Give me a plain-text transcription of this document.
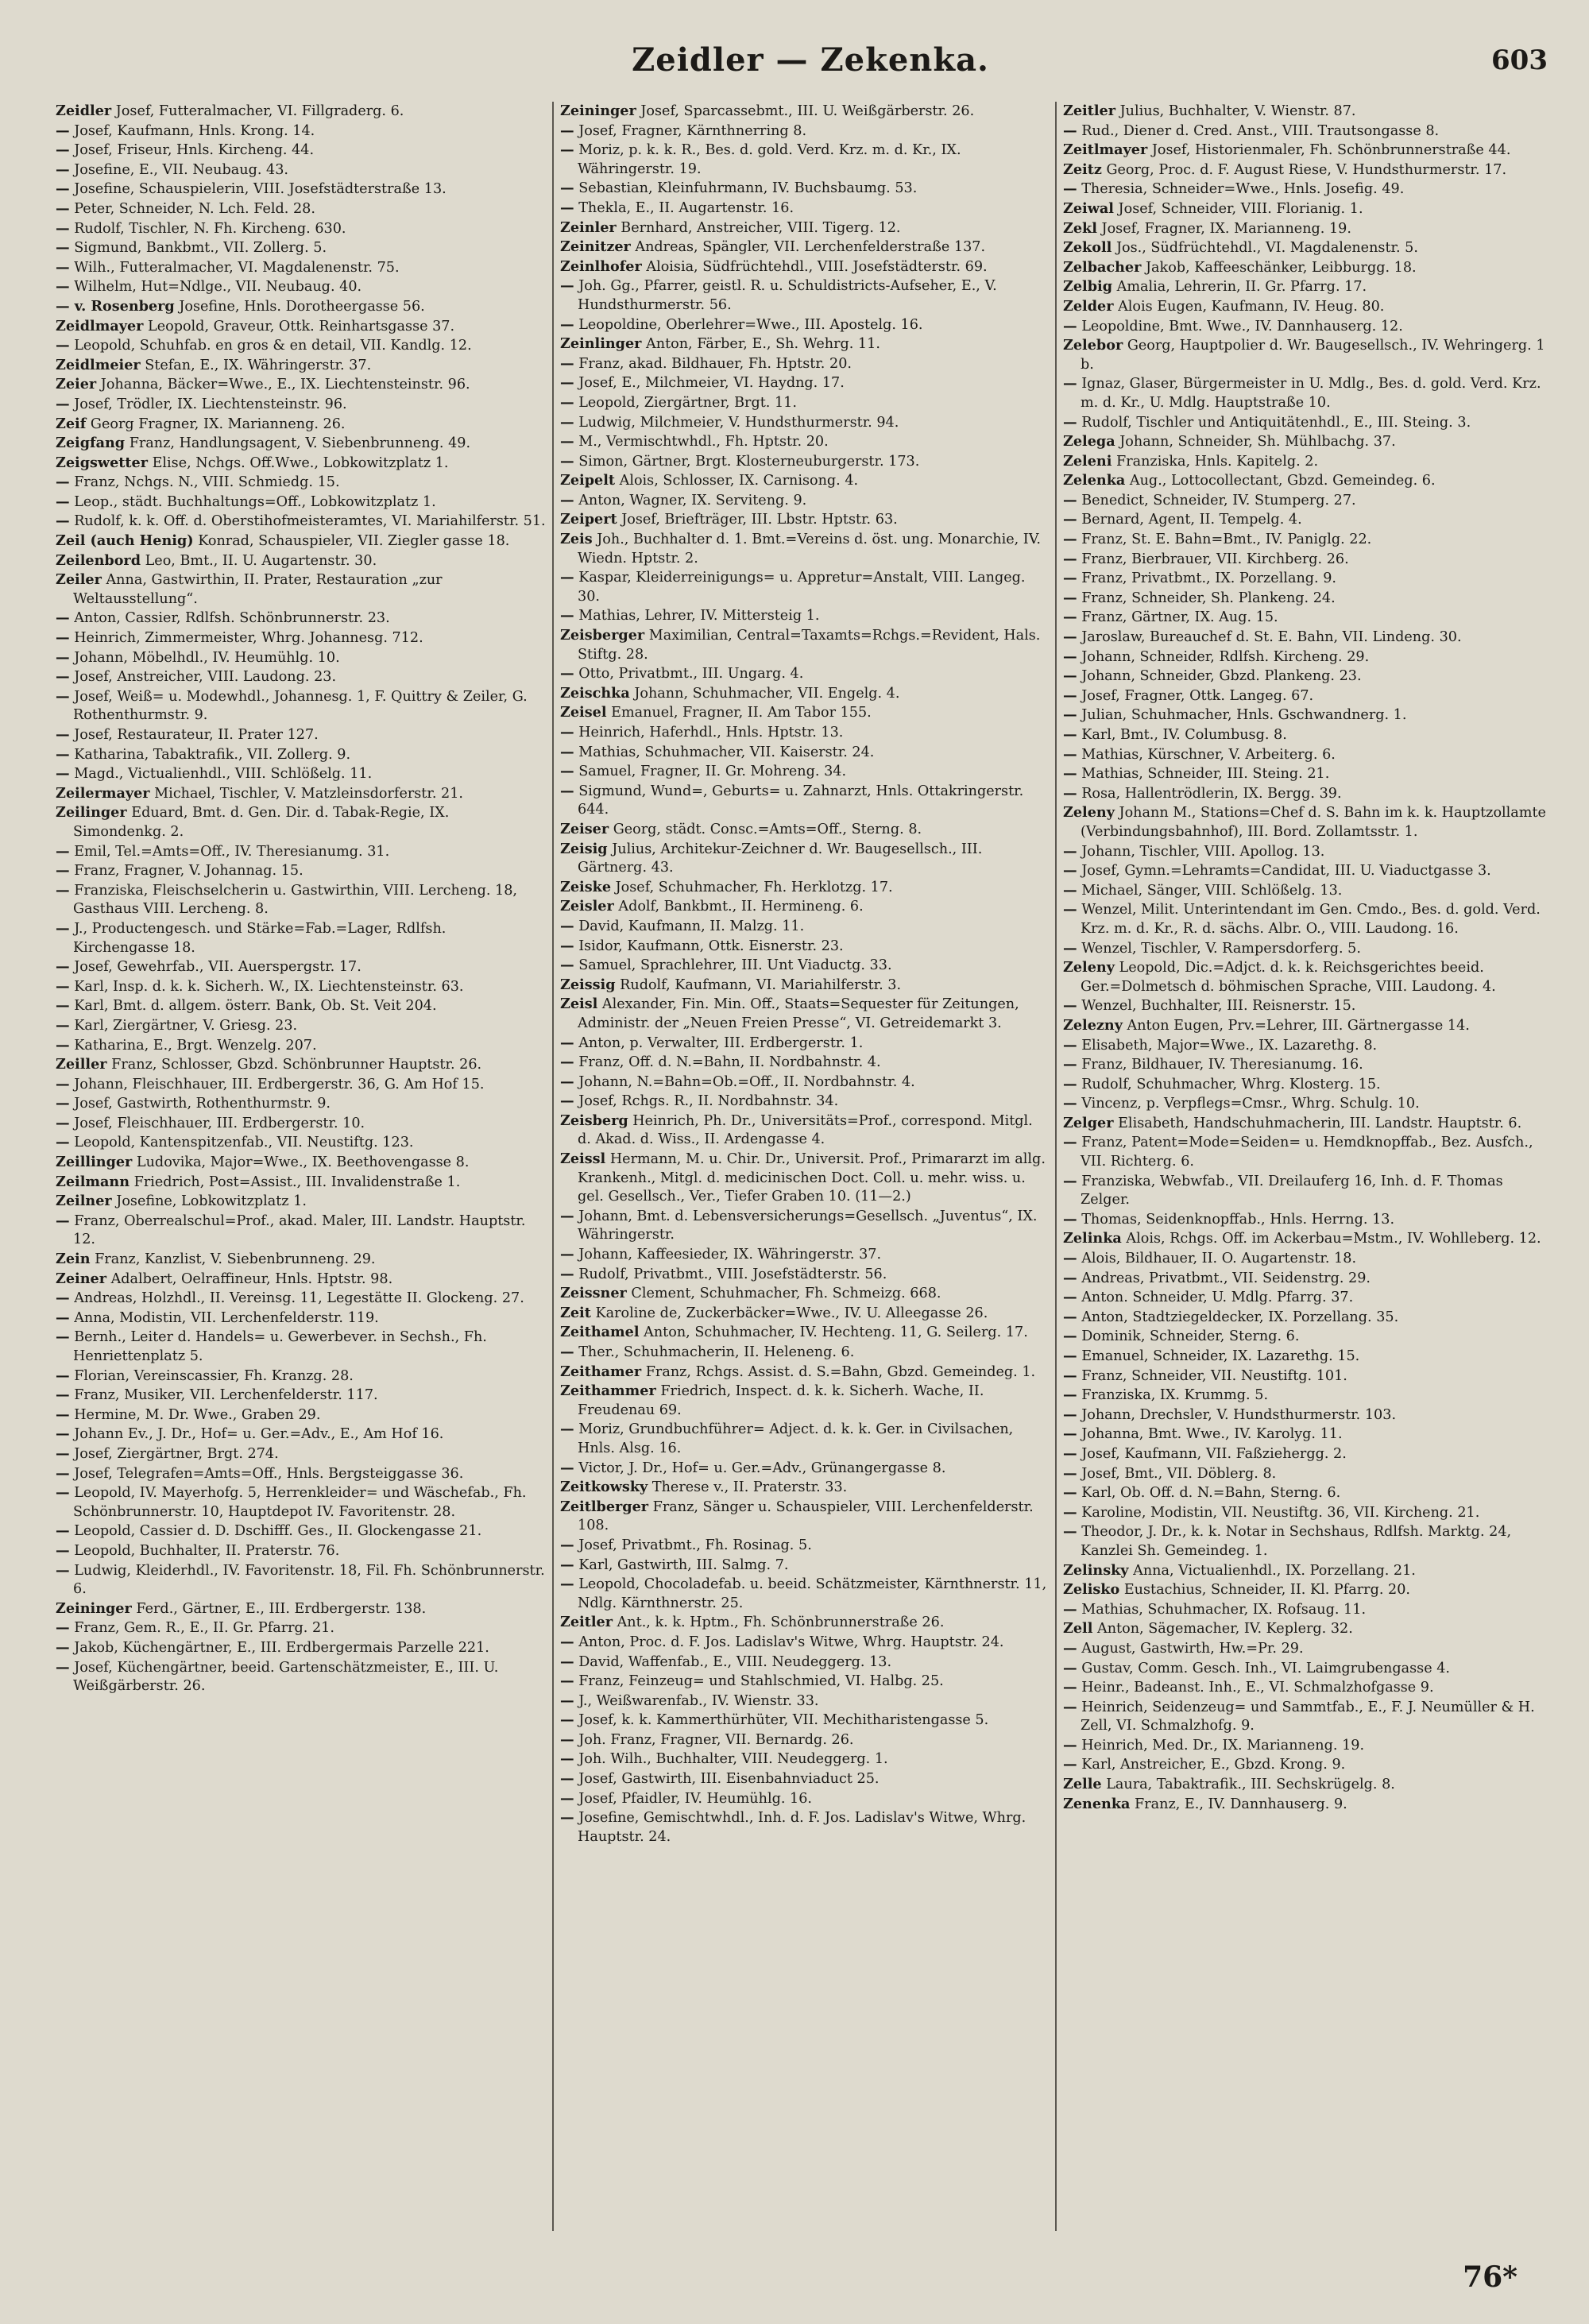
Zeidler — Zekenka.	603

Zeidler Josef, Futteralmacher, VI. Fillgraderg. 6.

— Josef, Kaufmann, Hnls. Krong. 14.

— Josef, Friseur, Hnls. Kircheng. 44.

— Josefine, E., VII. Neubaug. 43.

— Josefine, Schauspielerin, VIII. Josefstädterstraße 13.

— Peter, Schneider, N. Lch. Feld. 28.

— Rudolf, Tischler, N. Fh. Kircheng. 630.

— Sigmund, Bankbmt., VII. Zollerg. 5.

— Wilh., Futteralmacher, VI. Magdalenenstr. 75.

— Wilhelm, Hut=Ndlge., VII. Neubaug. 40.

— v. Rosenberg Josefine, Hnls. Dorotheergasse 56.

Zeidlmayer Leopold, Graveur, Ottk. Reinhartsgasse 37.

— Leopold, Schuhfab. en gros & en detail, VII. Kandlg. 12.

Zeidlmeier Stefan, E., IX. Währingerstr. 37.

Zeier Johanna, Bäcker=Wwe., E., IX. Liechtensteinstr. 96.

— Josef, Trödler, IX. Liechtensteinstr. 96.

Zeif Georg Fragner, IX. Marianneng. 26.

Zeigfang Franz, Handlungsagent, V. Siebenbrunneng. 49.

Zeigswetter Elise, Nchgs. Off.Wwe., Lobkowitzplatz 1.

— Franz, Nchgs. N., VIII. Schmiedg. 15.

— Leop., städt. Buchhaltungs=Off., Lobkowitzplatz 1.

— Rudolf, k. k. Off. d. Oberstihofmeisteramtes, VI. Mariahilferstr. 51.

Zeil (auch Henig) Konrad, Schauspieler, VII. Ziegler gasse 18.

Zeilenbord Leo, Bmt., II. U. Augartenstr. 30.

Zeiler Anna, Gastwirthin, II. Prater, Restauration „zur Weltausstellung“.

— Anton, Cassier, Rdlfsh. Schönbrunnerstr. 23.

— Heinrich, Zimmermeister, Whrg. Johannesg. 712.

— Johann, Möbelhdl., IV. Heumühlg. 10.

— Josef, Anstreicher, VIII. Laudong. 23.

— Josef, Weiß= u. Modewhdl., Johannesg. 1, F. Quittry & Zeiler, G. Rothenthurmstr. 9.

— Josef, Restaurateur, II. Prater 127.

— Katharina, Tabaktrafik., VII. Zollerg. 9.

— Magd., Victualienhdl., VIII. Schlößelg. 11.

Zeilermayer Michael, Tischler, V. Matzleinsdorferstr. 21.

Zeilinger Eduard, Bmt. d. Gen. Dir. d. Tabak-Regie, IX. Simondenkg. 2.

— Emil, Tel.=Amts=Off., IV. Theresianumg. 31.

— Franz, Fragner, V. Johannag. 15.

— Franziska, Fleischselcherin u. Gastwirthin, VIII. Lercheng. 18, Gasthaus VIII. Lercheng. 8.

— J., Productengesch. und Stärke=Fab.=Lager, Rdlfsh. Kirchengasse 18.

— Josef, Gewehrfab., VII. Auerspergstr. 17.

— Karl, Insp. d. k. k. Sicherh. W., IX. Liechtensteinstr. 63.

— Karl, Bmt. d. allgem. österr. Bank, Ob. St. Veit 204.

— Karl, Ziergärtner, V. Griesg. 23.

— Katharina, E., Brgt. Wenzelg. 207.

Zeiller Franz, Schlosser, Gbzd. Schönbrunner Hauptstr. 26.

— Johann, Fleischhauer, III. Erdbergerstr. 36, G. Am Hof 15.

— Josef, Gastwirth, Rothenthurmstr. 9.

— Josef, Fleischhauer, III. Erdbergerstr. 10.

— Leopold, Kantenspitzenfab., VII. Neustiftg. 123.

Zeillinger Ludovika, Major=Wwe., IX. Beethovengasse 8.

Zeilmann Friedrich, Post=Assist., III. Invalidenstraße 1.

Zeilner Josefine, Lobkowitzplatz 1.

— Franz, Oberrealschul=Prof., akad. Maler, III. Landstr. Hauptstr. 12.

Zein Franz, Kanzlist, V. Siebenbrunneng. 29.

Zeiner Adalbert, Oelraffineur, Hnls. Hptstr. 98.

— Andreas, Holzhdl., II. Vereinsg. 11, Legestätte II. Glockeng. 27.

— Anna, Modistin, VII. Lerchenfelderstr. 119.

— Bernh., Leiter d. Handels= u. Gewerbever. in Sechsh., Fh. Henriettenplatz 5.

— Florian, Vereinscassier, Fh. Kranzg. 28.

— Franz, Musiker, VII. Lerchenfelderstr. 117.

— Hermine, M. Dr. Wwe., Graben 29.

— Johann Ev., J. Dr., Hof= u. Ger.=Adv., E., Am Hof 16.

— Josef, Ziergärtner, Brgt. 274.

— Josef, Telegrafen=Amts=Off., Hnls. Bergsteiggasse 36.

— Leopold, IV. Mayerhofg. 5, Herrenkleider= und Wäschefab., Fh. Schönbrunnerstr. 10, Hauptdepot IV. Favoritenstr. 28.

— Leopold, Cassier d. D. Dschifff. Ges., II. Glockengasse 21.

— Leopold, Buchhalter, II. Praterstr. 76.

— Ludwig, Kleiderhdl., IV. Favoritenstr. 18, Fil. Fh. Schönbrunnerstr. 6.

Zeininger Ferd., Gärtner, E., III. Erdbergerstr. 138.

— Franz, Gem. R., E., II. Gr. Pfarrg. 21.

— Jakob, Küchengärtner, E., III. Erdbergermais Parzelle 221.

— Josef, Küchengärtner, beeid. Gartenschätzmeister, E., III. U. Weißgärberstr. 26.

Zeininger Josef, Sparcassebmt., III. U. Weißgärberstr. 26.

— Josef, Fragner, Kärnthnerring 8.

— Moriz, p. k. k. R., Bes. d. gold. Verd. Krz. m. d. Kr., IX. Währingerstr. 19.

— Sebastian, Kleinfuhrmann, IV. Buchsbaumg. 53.

— Thekla, E., II. Augartenstr. 16.

Zeinler Bernhard, Anstreicher, VIII. Tigerg. 12.

Zeinitzer Andreas, Spängler, VII. Lerchenfelderstraße 137.

Zeinlhofer Aloisia, Südfrüchtehdl., VIII. Josefstädterstr. 69.

— Joh. Gg., Pfarrer, geistl. R. u. Schuldistricts-Aufseher, E., V. Hundsthurmerstr. 56.

— Leopoldine, Oberlehrer=Wwe., III. Apostelg. 16.

Zeinlinger Anton, Färber, E., Sh. Wehrg. 11.

— Franz, akad. Bildhauer, Fh. Hptstr. 20.

— Josef, E., Milchmeier, VI. Haydng. 17.

— Leopold, Ziergärtner, Brgt. 11.

— Ludwig, Milchmeier, V. Hundsthurmerstr. 94.

— M., Vermischtwhdl., Fh. Hptstr. 20.

— Simon, Gärtner, Brgt. Klosterneuburgerstr. 173.

Zeipelt Alois, Schlosser, IX. Carnisong. 4.

— Anton, Wagner, IX. Serviteng. 9.

Zeipert Josef, Briefträger, III. Lbstr. Hptstr. 63.

Zeis Joh., Buchhalter d. 1. Bmt.=Vereins d. öst. ung. Monarchie, IV. Wiedn. Hptstr. 2.

— Kaspar, Kleiderreinigungs= u. Appretur=Anstalt, VIII. Langeg. 30.

— Mathias, Lehrer, IV. Mittersteig 1.

Zeisberger Maximilian, Central=Taxamts=Rchgs.=Revident, Hals. Stiftg. 28.

— Otto, Privatbmt., III. Ungarg. 4.

Zeischka Johann, Schuhmacher, VII. Engelg. 4.

Zeisel Emanuel, Fragner, II. Am Tabor 155.

— Heinrich, Haferhdl., Hnls. Hptstr. 13.

— Mathias, Schuhmacher, VII. Kaiserstr. 24.

— Samuel, Fragner, II. Gr. Mohreng. 34.

— Sigmund, Wund=, Geburts= u. Zahnarzt, Hnls. Ottakringerstr. 644.

Zeiser Georg, städt. Consc.=Amts=Off., Sterng. 8.

Zeisig Julius, Architekur-Zeichner d. Wr. Baugesellsch., III. Gärtnerg. 43.

Zeiske Josef, Schuhmacher, Fh. Herklotzg. 17.

Zeisler Adolf, Bankbmt., II. Hermineng. 6.

— David, Kaufmann, II. Malzg. 11.

— Isidor, Kaufmann, Ottk. Eisnerstr. 23.

— Samuel, Sprachlehrer, III. Unt Viaductg. 33.

Zeissig Rudolf, Kaufmann, VI. Mariahilferstr. 3.

Zeisl Alexander, Fin. Min. Off., Staats=Sequester für Zeitungen, Administr. der „Neuen Freien Presse“, VI. Getreidemarkt 3.

— Anton, p. Verwalter, III. Erdbergerstr. 1.

— Franz, Off. d. N.=Bahn, II. Nordbahnstr. 4.

— Johann, N.=Bahn=Ob.=Off., II. Nordbahnstr. 4.

— Josef, Rchgs. R., II. Nordbahnstr. 34.

Zeisberg Heinrich, Ph. Dr., Universitäts=Prof., correspond. Mitgl. d. Akad. d. Wiss., II. Ardengasse 4.

Zeissl Hermann, M. u. Chir. Dr., Universit. Prof., Primararzt im allg. Krankenh., Mitgl. d. medicinischen Doct. Coll. u. mehr. wiss. u. gel. Gesellsch., Ver., Tiefer Graben 10. (11—2.)

— Johann, Bmt. d. Lebensversicherungs=Gesellsch. „Juventus“, IX. Währingerstr.

— Johann, Kaffeesieder, IX. Währingerstr. 37.

— Rudolf, Privatbmt., VIII. Josefstädterstr. 56.

Zeissner Clement, Schuhmacher, Fh. Schmeizg. 668.

Zeit Karoline de, Zuckerbäcker=Wwe., IV. U. Alleegasse 26.

Zeithamel Anton, Schuhmacher, IV. Hechteng. 11, G. Seilerg. 17.

— Ther., Schuhmacherin, II. Heleneng. 6.

Zeithamer Franz, Rchgs. Assist. d. S.=Bahn, Gbzd. Gemeindeg. 1.

Zeithammer Friedrich, Inspect. d. k. k. Sicherh. Wache, II. Freudenau 69.

— Moriz, Grundbuchführer= Adject. d. k. k. Ger. in Civilsachen, Hnls. Alsg. 16.

— Victor, J. Dr., Hof= u. Ger.=Adv., Grünangergasse 8.

Zeitkowsky Therese v., II. Praterstr. 33.

Zeitlberger Franz, Sänger u. Schauspieler, VIII. Lerchenfelderstr. 108.

— Josef, Privatbmt., Fh. Rosinag. 5.

— Karl, Gastwirth, III. Salmg. 7.

— Leopold, Chocoladefab. u. beeid. Schätzmeister, Kärnthnerstr. 11, Ndlg. Kärnthnerstr. 25.

Zeitler Ant., k. k. Hptm., Fh. Schönbrunnerstraße 26.

— Anton, Proc. d. F. Jos. Ladislav's Witwe, Whrg. Hauptstr. 24.

— David, Waffenfab., E., VIII. Neudeggerg. 13.

— Franz, Feinzeug= und Stahlschmied, VI. Halbg. 25.

— J., Weißwarenfab., IV. Wienstr. 33.

— Josef, k. k. Kammerthürhüter, VII. Mechitharistengasse 5.

— Joh. Franz, Fragner, VII. Bernardg. 26.

— Joh. Wilh., Buchhalter, VIII. Neudeggerg. 1.

— Josef, Gastwirth, III. Eisenbahnviaduct 25.

— Josef, Pfaidler, IV. Heumühlg. 16.

— Josefine, Gemischtwhdl., Inh. d. F. Jos. Ladislav's Witwe, Whrg. Hauptstr. 24.

Zeitler Julius, Buchhalter, V. Wienstr. 87.

— Rud., Diener d. Cred. Anst., VIII. Trautsongasse 8.

Zeitlmayer Josef, Historienmaler, Fh. Schönbrunnerstraße 44.

Zeitz Georg, Proc. d. F. August Riese, V. Hundsthurmerstr. 17.

— Theresia, Schneider=Wwe., Hnls. Josefig. 49.

Zeiwal Josef, Schneider, VIII. Florianig. 1.

Zekl Josef, Fragner, IX. Marianneng. 19.

Zekoll Jos., Südfrüchtehdl., VI. Magdalenenstr. 5.

Zelbacher Jakob, Kaffeeschänker, Leibburgg. 18.

Zelbig Amalia, Lehrerin, II. Gr. Pfarrg. 17.

Zelder Alois Eugen, Kaufmann, IV. Heug. 80.

— Leopoldine, Bmt. Wwe., IV. Dannhauserg. 12.

Zelebor Georg, Hauptpolier d. Wr. Baugesellsch., IV. Wehringerg. 1 b.

— Ignaz, Glaser, Bürgermeister in U. Mdlg., Bes. d. gold. Verd. Krz. m. d. Kr., U. Mdlg. Hauptstraße 10.

— Rudolf, Tischler und Antiquitätenhdl., E., III. Steing. 3.

Zelega Johann, Schneider, Sh. Mühlbachg. 37.

Zeleni Franziska, Hnls. Kapitelg. 2.

Zelenka Aug., Lottocollectant, Gbzd. Gemeindeg. 6.

— Benedict, Schneider, IV. Stumperg. 27.

— Bernard, Agent, II. Tempelg. 4.

— Franz, St. E. Bahn=Bmt., IV. Paniglg. 22.

— Franz, Bierbrauer, VII. Kirchberg. 26.

— Franz, Privatbmt., IX. Porzellang. 9.

— Franz, Schneider, Sh. Plankeng. 24.

— Franz, Gärtner, IX. Aug. 15.

— Jaroslaw, Bureauchef d. St. E. Bahn, VII. Lindeng. 30.

— Johann, Schneider, Rdlfsh. Kircheng. 29.

— Johann, Schneider, Gbzd. Plankeng. 23.

— Josef, Fragner, Ottk. Langeg. 67.

— Julian, Schuhmacher, Hnls. Gschwandnerg. 1.

— Karl, Bmt., IV. Columbusg. 8.

— Mathias, Kürschner, V. Arbeiterg. 6.

— Mathias, Schneider, III. Steing. 21.

— Rosa, Hallentrödlerin, IX. Bergg. 39.

Zeleny Johann M., Stations=Chef d. S. Bahn im k. k. Hauptzollamte (Verbindungsbahnhof), III. Bord. Zollamtsstr. 1.

— Johann, Tischler, VIII. Apollog. 13.

— Josef, Gymn.=Lehramts=Candidat, III. U. Viaductgasse 3.

— Michael, Sänger, VIII. Schlößelg. 13.

— Wenzel, Milit. Unterintendant im Gen. Cmdo., Bes. d. gold. Verd. Krz. m. d. Kr., R. d. sächs. Albr. O., VIII. Laudong. 16.

— Wenzel, Tischler, V. Rampersdorferg. 5.

Zeleny Leopold, Dic.=Adjct. d. k. k. Reichsgerichtes beeid. Ger.=Dolmetsch d. böhmischen Sprache, VIII. Laudong. 4.

— Wenzel, Buchhalter, III. Reisnerstr. 15.

Zelezny Anton Eugen, Prv.=Lehrer, III. Gärtnergasse 14.

— Elisabeth, Major=Wwe., IX. Lazarethg. 8.

— Franz, Bildhauer, IV. Theresianumg. 16.

— Rudolf, Schuhmacher, Whrg. Klosterg. 15.

— Vincenz, p. Verpflegs=Cmsr., Whrg. Schulg. 10.

Zelger Elisabeth, Handschuhmacherin, III. Landstr. Hauptstr. 6.

— Franz, Patent=Mode=Seiden= u. Hemdknopffab., Bez. Ausfch., VII. Richterg. 6.

— Franziska, Webwfab., VII. Dreilauferg 16, Inh. d. F. Thomas Zelger.

— Thomas, Seidenknopffab., Hnls. Herrng. 13.

Zelinka Alois, Rchgs. Off. im Ackerbau=Mstm., IV. Wohlleberg. 12.

— Alois, Bildhauer, II. O. Augartenstr. 18.

— Andreas, Privatbmt., VII. Seidenstrg. 29.

— Anton. Schneider, U. Mdlg. Pfarrg. 37.

— Anton, Stadtziegeldecker, IX. Porzellang. 35.

— Dominik, Schneider, Sterng. 6.

— Emanuel, Schneider, IX. Lazarethg. 15.

— Franz, Schneider, VII. Neustiftg. 101.

— Franziska, IX. Krummg. 5.

— Johann, Drechsler, V. Hundsthurmerstr. 103.

— Johanna, Bmt. Wwe., IV. Karolyg. 11.

— Josef, Kaufmann, VII. Faßziehergg. 2.

— Josef, Bmt., VII. Döblerg. 8.

— Karl, Ob. Off. d. N.=Bahn, Sterng. 6.

— Karoline, Modistin, VII. Neustiftg. 36, VII. Kircheng. 21.

— Theodor, J. Dr., k. k. Notar in Sechshaus, Rdlfsh. Marktg. 24, Kanzlei Sh. Gemeindeg. 1.

Zelinsky Anna, Victualienhdl., IX. Porzellang. 21.

Zelisko Eustachius, Schneider, II. Kl. Pfarrg. 20.

— Mathias, Schuhmacher, IX. Rofsaug. 11.

Zell Anton, Sägemacher, IV. Keplerg. 32.

— August, Gastwirth, Hw.=Pr. 29.

— Gustav, Comm. Gesch. Inh., VI. Laimgrubengasse 4.

— Heinr., Badeanst. Inh., E., VI. Schmalzhofgasse 9.

— Heinrich, Seidenzeug= und Sammtfab., E., F. J. Neumüller & H. Zell, VI. Schmalzhofg. 9.

— Heinrich, Med. Dr., IX. Marianneng. 19.

— Karl, Anstreicher, E., Gbzd. Krong. 9.

Zelle Laura, Tabaktrafik., III. Sechskrügelg. 8.

Zenenka Franz, E., IV. Dannhauserg. 9.

76*
